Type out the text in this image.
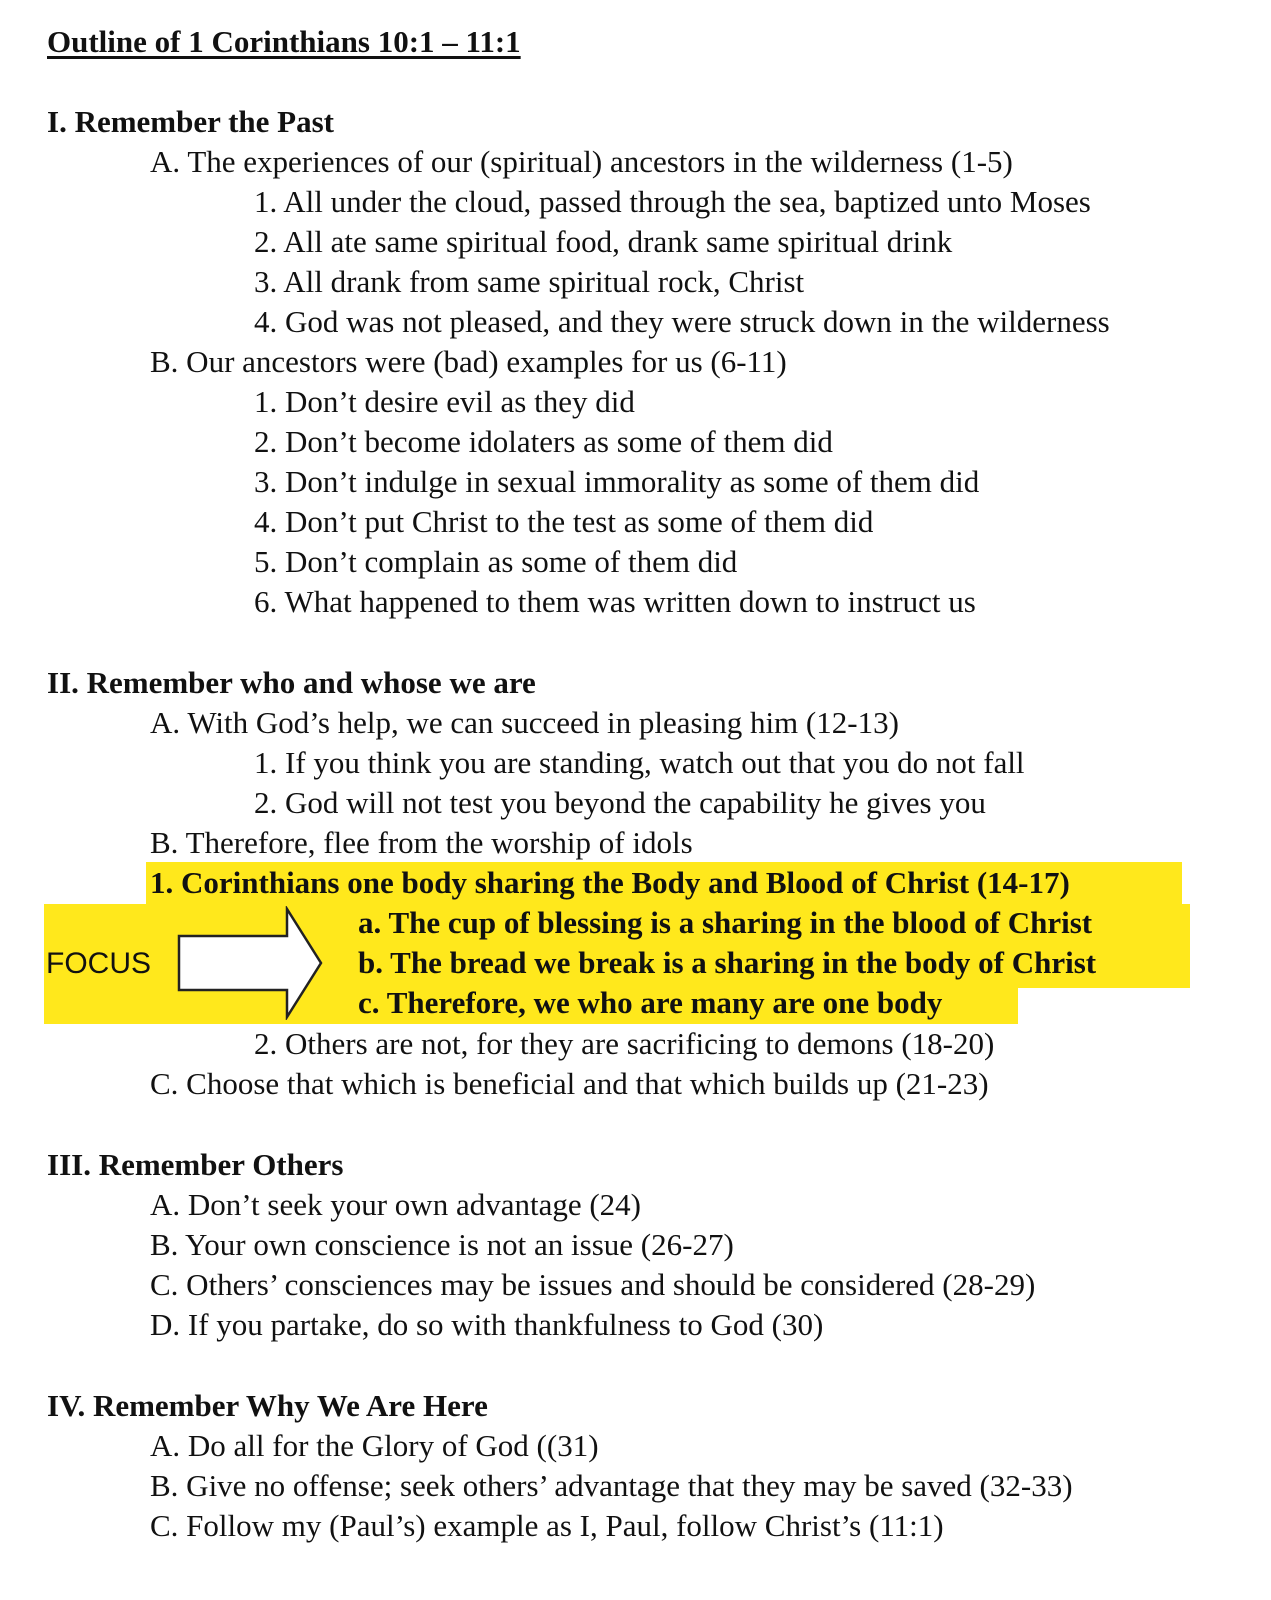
Outline of 1 Corinthians 10:1 – 11:1
I. Remember the Past
A. The experiences of our (spiritual) ancestors in the wilderness (1-5)
1. All under the cloud, passed through the sea, baptized unto Moses
2. All ate same spiritual food, drank same spiritual drink
3. All drank from same spiritual rock, Christ
4. God was not pleased, and they were struck down in the wilderness
B. Our ancestors were (bad) examples for us (6-11)
1. Don’t desire evil as they did
2. Don’t become idolaters as some of them did
3. Don’t indulge in sexual immorality as some of them did
4. Don’t put Christ to the test as some of them did
5. Don’t complain as some of them did
6. What happened to them was written down to instruct us
II. Remember who and whose we are
A. With God’s help, we can succeed in pleasing him (12-13)
1. If you think you are standing, watch out that you do not fall
2. God will not test you beyond the capability he gives you
B. Therefore, flee from the worship of idols
1. Corinthians one body sharing the Body and Blood of Christ (14-17)
a. The cup of blessing is a sharing in the blood of Christ
b. The bread we break is a sharing in the body of Christ
c. Therefore, we who are many are one body
FOCUS
2. Others are not, for they are sacrificing to demons (18-20)
C. Choose that which is beneficial and that which builds up (21-23)
III. Remember Others
A. Don’t seek your own advantage (24)
B. Your own conscience is not an issue (26-27)
C. Others’ consciences may be issues and should be considered (28-29)
D. If you partake, do so with thankfulness to God (30)
IV. Remember Why We Are Here
A. Do all for the Glory of God ((31)
B. Give no offense; seek others’ advantage that they may be saved (32-33)
C. Follow my (Paul’s) example as I, Paul, follow Christ’s (11:1)
